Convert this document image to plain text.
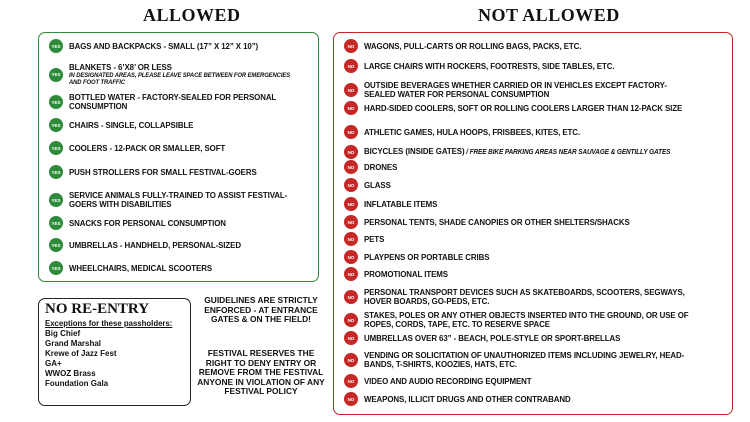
ALLOWED	NOT ALLOWED
YES BAGS AND BACKPACKS - SMALL (17” X 12” X 10”)
YES
BLANKETS - 6’X8’ OR LESS
IN DESIGNATED AREAS, PLEASE LEAVE SPACE BETWEEN FOR EMERGENCIES AND FOOT TRAFFIC
YES BOTTLED WATER - FACTORY-SEALED FOR PERSONAL CONSUMPTION
YES CHAIRS - SINGLE, COLLAPSIBLE
YES COOLERS - 12-PACK OR SMALLER, SOFT
YES PUSH STROLLERS FOR SMALL FESTIVAL-GOERS
YES SERVICE ANIMALS FULLY-TRAINED TO ASSIST FESTIVAL-GOERS WITH DISABILITIES
YES SNACKS FOR PERSONAL CONSUMPTION
YES UMBRELLAS - HANDHELD, PERSONAL-SIZED
YES WHEELCHAIRS, MEDICAL SCOOTERS
NO	WAGONS, PULL-CARTS OR ROLLING BAGS, PACKS, ETC.
NO	LARGE CHAIRS WITH ROCKERS, FOOTRESTS, SIDE TABLES, ETC.
NO	OUTSIDE BEVERAGES WHETHER CARRIED OR IN VEHICLES EXCEPT FACTORY-SEALED WATER FOR PERSONAL CONSUMPTION
NO	HARD-SIDED COOLERS, SOFT OR ROLLING COOLERS LARGER THAN 12-PACK SIZE
NO	ATHLETIC GAMES, HULA HOOPS, FRISBEES, KITES, ETC.
NO	BICYCLES (INSIDE GATES) / FREE BIKE PARKING AREAS NEAR SAUVAGE & GENTILLY GATES
NO	DRONES
NO	GLASS
NO	INFLATABLE ITEMS
NO	PERSONAL TENTS, SHADE CANOPIES OR OTHER SHELTERS/SHACKS
NO	PETS
NO	PLAYPENS OR PORTABLE CRIBS
NO	PROMOTIONAL ITEMS
NO	PERSONAL TRANSPORT DEVICES SUCH AS SKATEBOARDS, SCOOTERS, SEGWAYS, HOVER BOARDS, GO-PEDS, ETC.
NO	STAKES, POLES OR ANY OTHER OBJECTS INSERTED INTO THE GROUND, OR USE OF ROPES, CORDS, TAPE, ETC. TO RESERVE SPACE
NO	UMBRELLAS OVER 63” - BEACH, POLE-STYLE OR SPORT-BRELLAS
NO	VENDING OR SOLICITATION OF UNAUTHORIZED ITEMS INCLUDING JEWELRY, HEAD-BANDS, T-SHIRTS, KOOZIES, HATS, ETC.
NO	VIDEO AND AUDIO RECORDING EQUIPMENT
NO	WEAPONS, ILLICIT DRUGS AND OTHER CONTRABAND
NO RE-ENTRY
Exceptions for these passholders:
Big Chief
Grand Marshal
Krewe of Jazz Fest
GA+
WWOZ Brass
Foundation Gala
GUIDELINES ARE STRICTLY ENFORCED - AT ENTRANCE GATES & ON THE FIELD!
FESTIVAL RESERVES THE RIGHT TO DENY ENTRY OR REMOVE FROM THE FESTIVAL ANYONE IN VIOLATION OF ANY FESTIVAL POLICY
